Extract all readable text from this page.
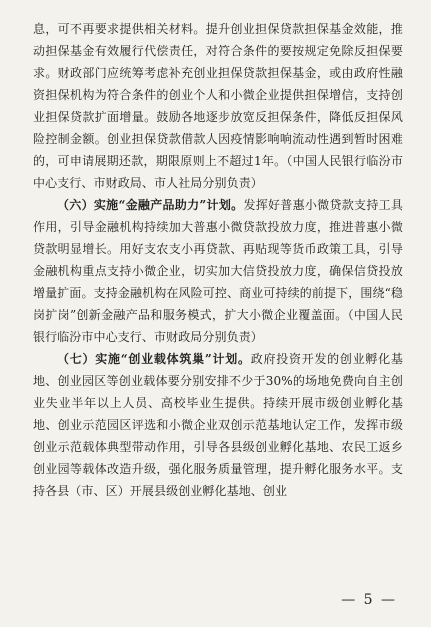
息，可不再要求提供相关材料。提升创业担保贷款担保基金效能，推动担保基金有效履行代偿责任，对符合条件的要按规定免除反担保要求。财政部门应统筹考虑补充创业担保贷款担保基金，或由政府性融资担保机构为符合条件的创业个人和小微企业提供担保增信，支持创业担保贷款扩面增量。鼓励各地逐步放宽反担保条件，降低反担保风险控制金额。创业担保贷款借款人因疫情影响响流动性遇到暂时困难的，可申请展期还款，期限原则上不超过1年。（中国人民银行临汾市中心支行、市财政局、市人社局分别负责）

（六）实施“金融产品助力”计划。发挥好普惠小微贷款支持工具作用，引导金融机构持续加大普惠小微贷款投放力度，推进普惠小微贷款明显增长。用好支农支小再贷款、再贴现等货币政策工具，引导金融机构重点支持小微企业，切实加大信贷投放力度，确保信贷投放增量扩面。支持金融机构在风险可控、商业可持续的前提下，围绕“稳岗扩岗”创新金融产品和服务模式，扩大小微企业覆盖面。（中国人民银行临汾市中心支行、市财政局分别负责）

（七）实施“创业载体筑巢”计划。政府投资开发的创业孵化基地、创业园区等创业载体要分别安排不少于30%的场地免费向自主创业失业半年以上人员、高校毕业生提供。持续开展市级创业孵化基地、创业示范园区评选和小微企业双创示范基地认定工作，发挥市级创业示范载体典型带动作用，引导各县级创业孵化基地、农民工返乡创业园等载体改造升级，强化服务质量管理，提升孵化服务水平。支持各县（市、区）开展县级创业孵化基地、创业

— 5 —
